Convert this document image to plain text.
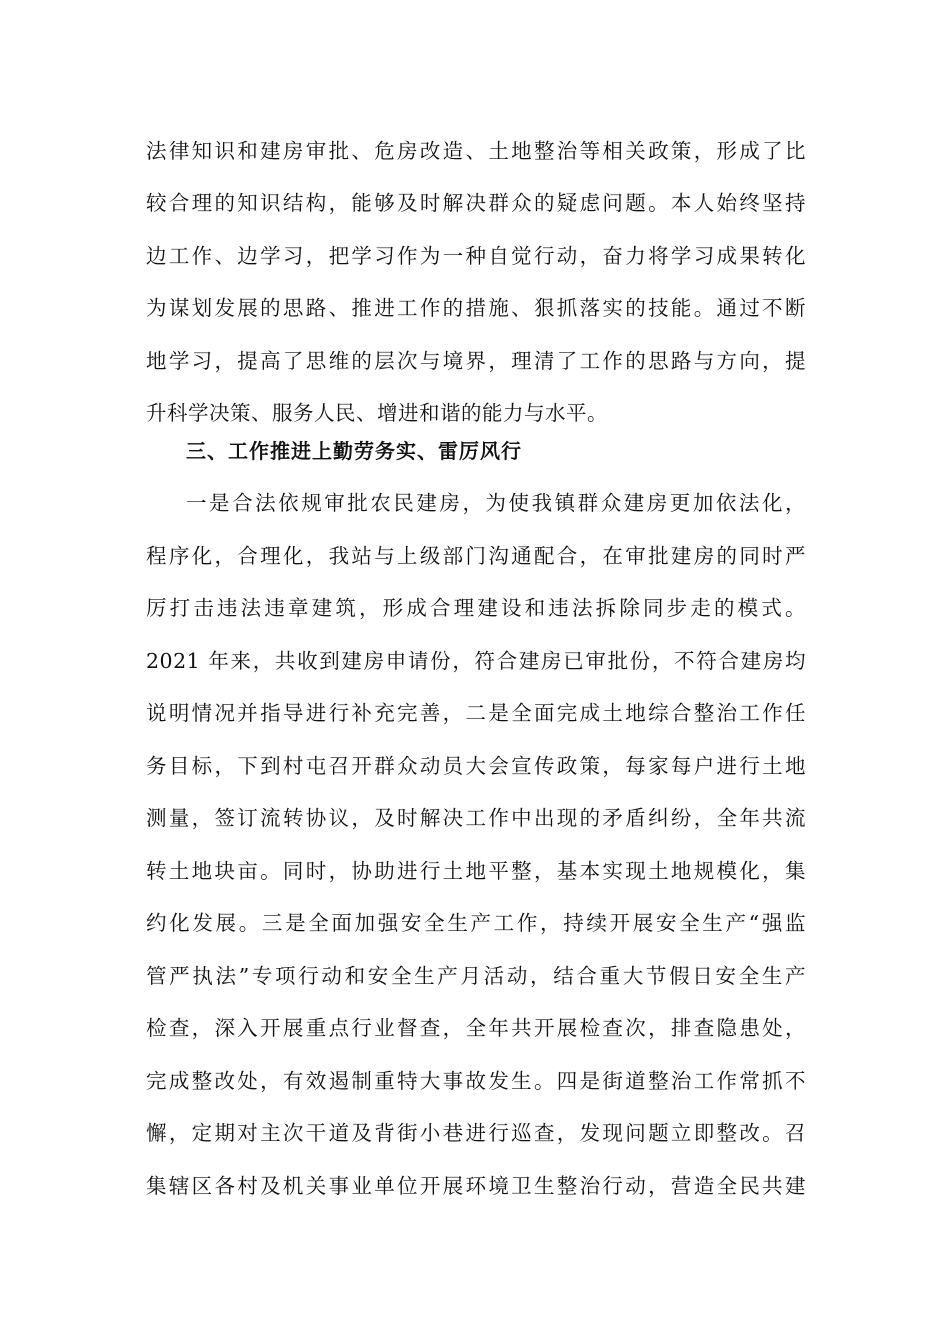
法律知识和建房审批、危房改造、土地整治等相关政策，形成了比
较合理的知识结构，能够及时解决群众的疑虑问题。本人始终坚持
边工作、边学习，把学习作为一种自觉行动，奋力将学习成果转化
为谋划发展的思路、推进工作的措施、狠抓落实的技能。通过不断
地学习，提高了思维的层次与境界，理清了工作的思路与方向，提
升科学决策、服务人民、增进和谐的能力与水平。
三、工作推进上勤劳务实、雷厉风行
一是合法依规审批农民建房，为使我镇群众建房更加依法化，
程序化，合理化，我站与上级部门沟通配合，在审批建房的同时严
厉打击违法违章建筑，形成合理建设和违法拆除同步走的模式。
2021 年来，共收到建房申请份，符合建房已审批份，不符合建房均
说明情况并指导进行补充完善，二是全面完成土地综合整治工作任
务目标，下到村屯召开群众动员大会宣传政策，每家每户进行土地
测量，签订流转协议，及时解决工作中出现的矛盾纠纷，全年共流
转土地块亩。同时，协助进行土地平整，基本实现土地规模化，集
约化发展。三是全面加强安全生产工作，持续开展安全生产“强监
管严执法”专项行动和安全生产月活动，结合重大节假日安全生产
检查，深入开展重点行业督查，全年共开展检查次，排查隐患处，
完成整改处，有效遏制重特大事故发生。四是街道整治工作常抓不
懈，定期对主次干道及背街小巷进行巡查，发现问题立即整改。召
集辖区各村及机关事业单位开展环境卫生整治行动，营造全民共建
